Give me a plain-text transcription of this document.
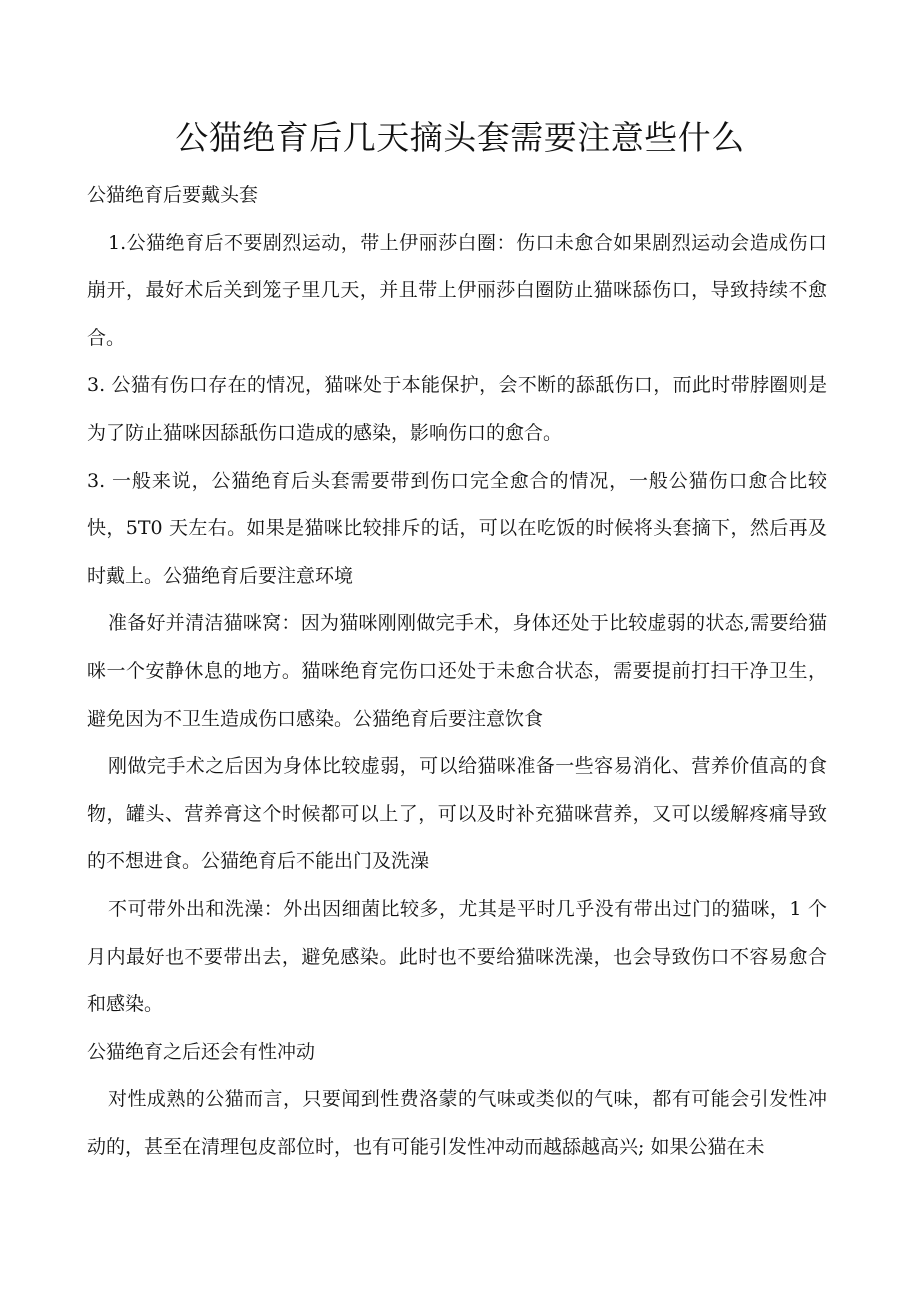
公猫绝育后几天摘头套需要注意些什么

公猫绝育后要戴头套

1.公猫绝育后不要剧烈运动，带上伊丽莎白圈：伤口未愈合如果剧烈运动会造成伤口崩开，最好术后关到笼子里几天，并且带上伊丽莎白圈防止猫咪舔伤口，导致持续不愈合。

3. 公猫有伤口存在的情况，猫咪处于本能保护，会不断的舔舐伤口，而此时带脖圈则是为了防止猫咪因舔舐伤口造成的感染，影响伤口的愈合。

3. 一般来说，公猫绝育后头套需要带到伤口完全愈合的情况，一般公猫伤口愈合比较快，5T0 天左右。如果是猫咪比较排斥的话，可以在吃饭的时候将头套摘下，然后再及时戴上。公猫绝育后要注意环境

准备好并清洁猫咪窝：因为猫咪刚刚做完手术，身体还处于比较虚弱的状态,需要给猫咪一个安静休息的地方。猫咪绝育完伤口还处于未愈合状态，需要提前打扫干净卫生，避免因为不卫生造成伤口感染。公猫绝育后要注意饮食

刚做完手术之后因为身体比较虚弱，可以给猫咪准备一些容易消化、营养价值高的食物，罐头、营养膏这个时候都可以上了，可以及时补充猫咪营养，又可以缓解疼痛导致的不想进食。公猫绝育后不能出门及洗澡

不可带外出和洗澡：外出因细菌比较多，尤其是平时几乎没有带出过门的猫咪，1 个月内最好也不要带出去，避免感染。此时也不要给猫咪洗澡，也会导致伤口不容易愈合和感染。

公猫绝育之后还会有性冲动

对性成熟的公猫而言，只要闻到性费洛蒙的气味或类似的气味，都有可能会引发性冲动的，甚至在清理包皮部位时，也有可能引发性冲动而越舔越高兴; 如果公猫在未
